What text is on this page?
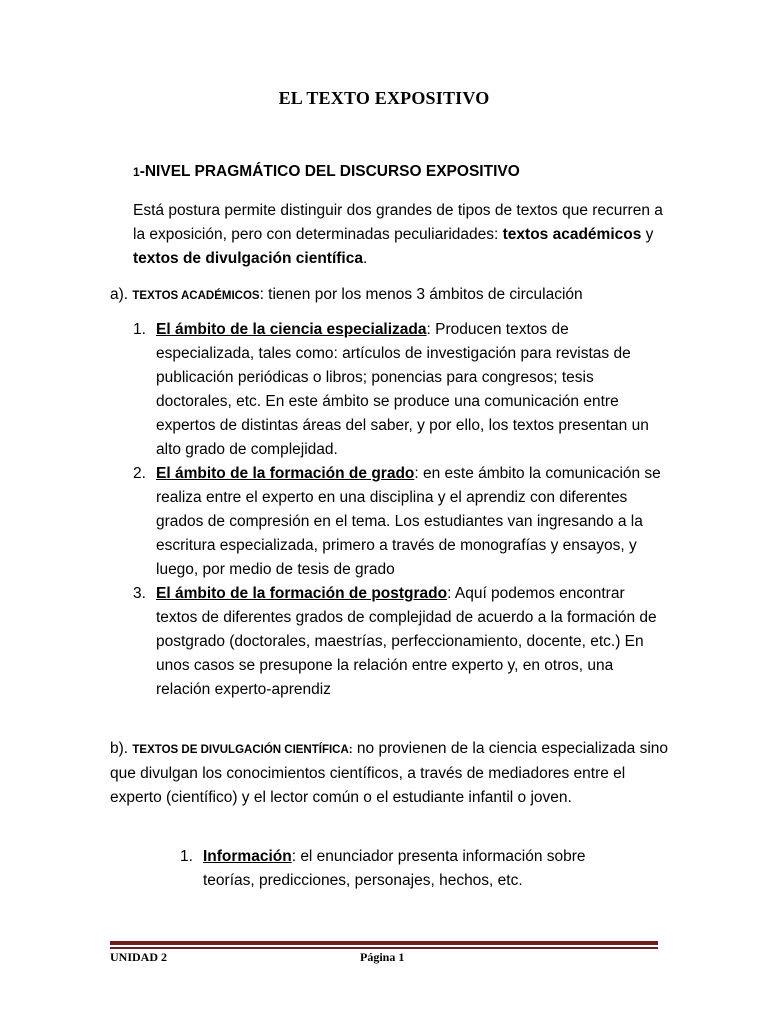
EL TEXTO EXPOSITIVO
1-NIVEL PRAGMÁTICO DEL DISCURSO EXPOSITIVO
Está postura permite distinguir dos grandes de tipos de textos que recurren a la exposición, pero con determinadas peculiaridades: textos académicos y textos de divulgación científica.
a). TEXTOS ACADÉMICOS: tienen por los menos 3 ámbitos de circulación
1. El ámbito de la ciencia especializada: Producen textos de especializada, tales como: artículos de investigación para revistas de publicación periódicas o libros; ponencias para congresos; tesis doctorales, etc. En este ámbito se produce una comunicación entre expertos de distintas áreas del saber, y por ello, los textos presentan un alto grado de complejidad.
2. El ámbito de la formación de grado: en este ámbito la comunicación se realiza entre el experto en una disciplina y el aprendiz con diferentes grados de compresión en el tema. Los estudiantes van ingresando a la escritura especializada, primero a través de monografías y ensayos, y luego, por medio de tesis de grado
3. El ámbito de la formación de postgrado: Aquí podemos encontrar textos de diferentes grados de complejidad de acuerdo a la formación de postgrado (doctorales, maestrías, perfeccionamiento, docente, etc.) En unos casos se presupone la relación entre experto y, en otros, una relación experto-aprendiz
b). TEXTOS DE DIVULGACIÓN CIENTÍFICA: no provienen de la ciencia especializada sino que divulgan los conocimientos científicos, a través de mediadores entre el experto (científico) y el lector común o el estudiante infantil o joven.
1. Información: el enunciador presenta información sobre teorías, predicciones, personajes, hechos, etc.
UNIDAD 2	Página 1
